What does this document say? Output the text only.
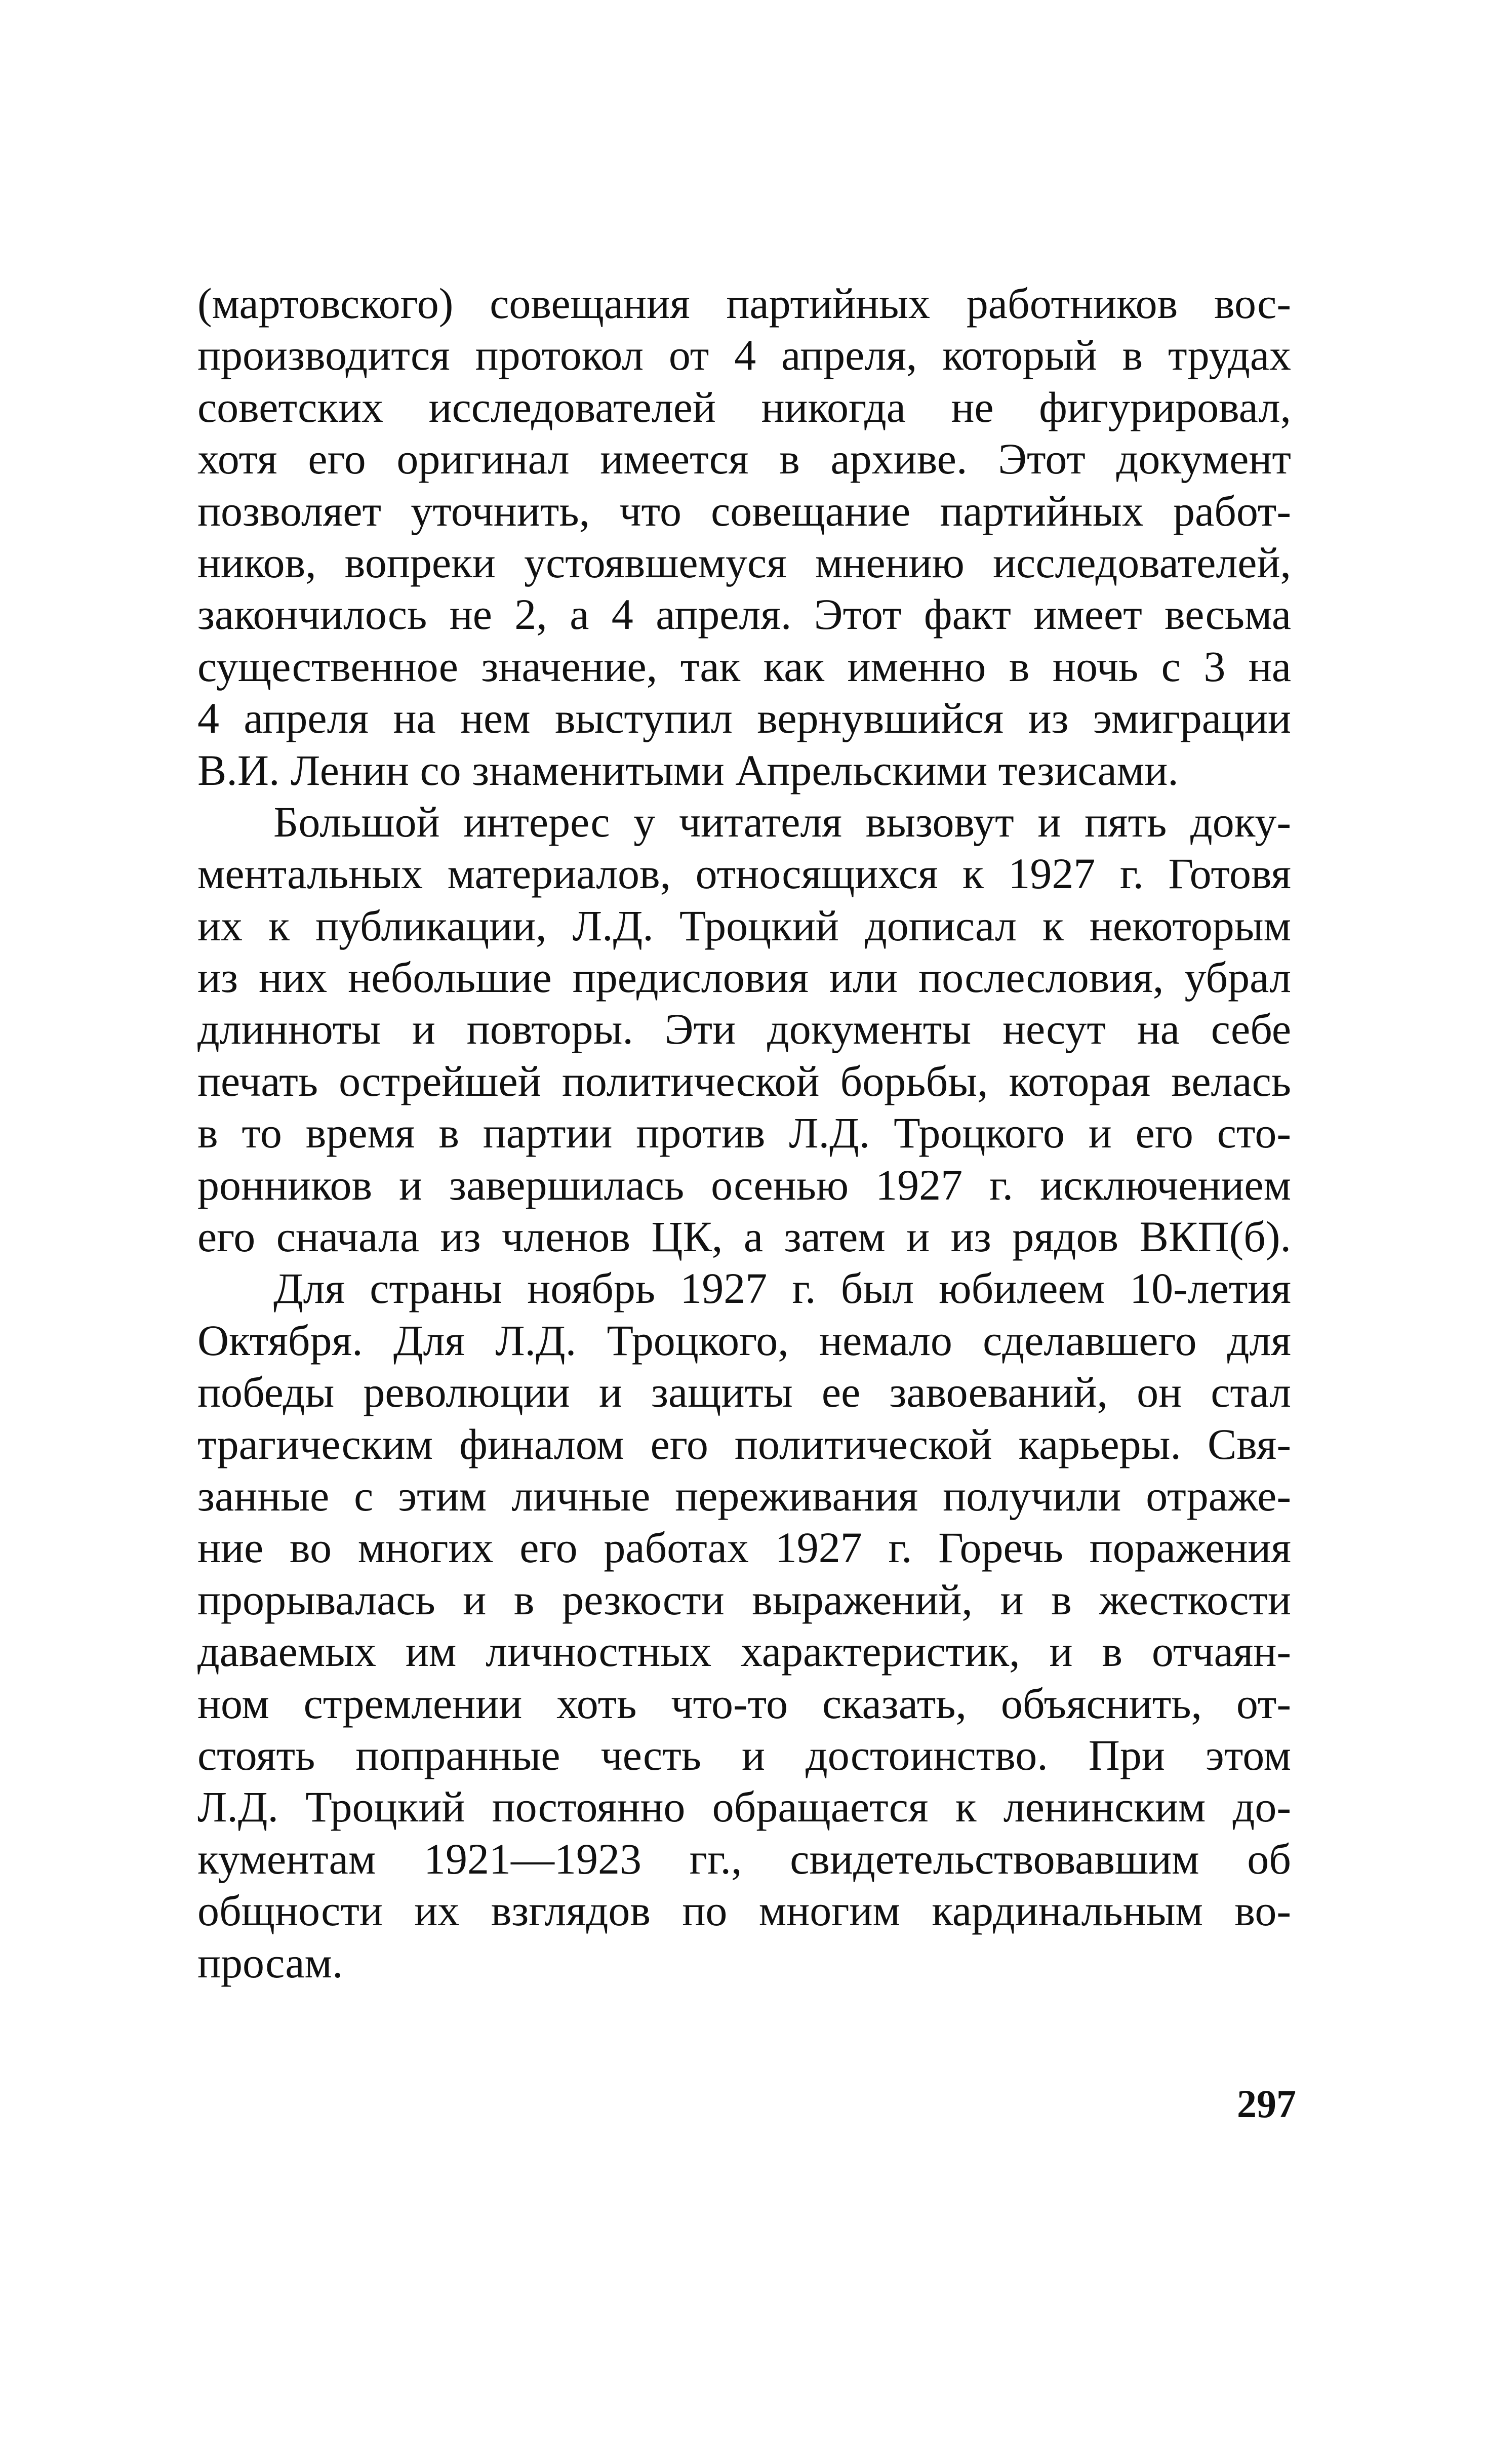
(мартовского) совещания партийных работников вос-
производится протокол от 4 апреля, который в трудах
советских исследователей никогда не фигурировал,
хотя его оригинал имеется в архиве. Этот документ
позволяет уточнить, что совещание партийных работ-
ников, вопреки устоявшемуся мнению исследователей,
закончилось не 2, а 4 апреля. Этот факт имеет весьма
существенное значение, так как именно в ночь с 3 на
4 апреля на нем выступил вернувшийся из эмиграции
В.И. Ленин со знаменитыми Апрельскими тезисами.

Большой интерес у читателя вызовут и пять доку-
ментальных материалов, относящихся к 1927 г. Готовя
их к публикации, Л.Д. Троцкий дописал к некоторым
из них небольшие предисловия или послесловия, убрал
длинноты и повторы. Эти документы несут на себе
печать острейшей политической борьбы, которая велась
в то время в партии против Л.Д. Троцкого и его сто-
ронников и завершилась осенью 1927 г. исключением
его сначала из членов ЦК, а затем и из рядов ВКП(б).

Для страны ноябрь 1927 г. был юбилеем 10-летия
Октября. Для Л.Д. Троцкого, немало сделавшего для
победы революции и защиты ее завоеваний, он стал
трагическим финалом его политической карьеры. Свя-
занные с этим личные переживания получили отраже-
ние во многих его работах 1927 г. Горечь поражения
прорывалась и в резкости выражений, и в жесткости
даваемых им личностных характеристик, и в отчаян-
ном стремлении хоть что-то сказать, объяснить, от-
стоять попранные честь и достоинство. При этом
Л.Д. Троцкий постоянно обращается к ленинским до-
кументам 1921—1923 гг., свидетельствовавшим об
общности их взглядов по многим кардинальным во-
просам.

297
